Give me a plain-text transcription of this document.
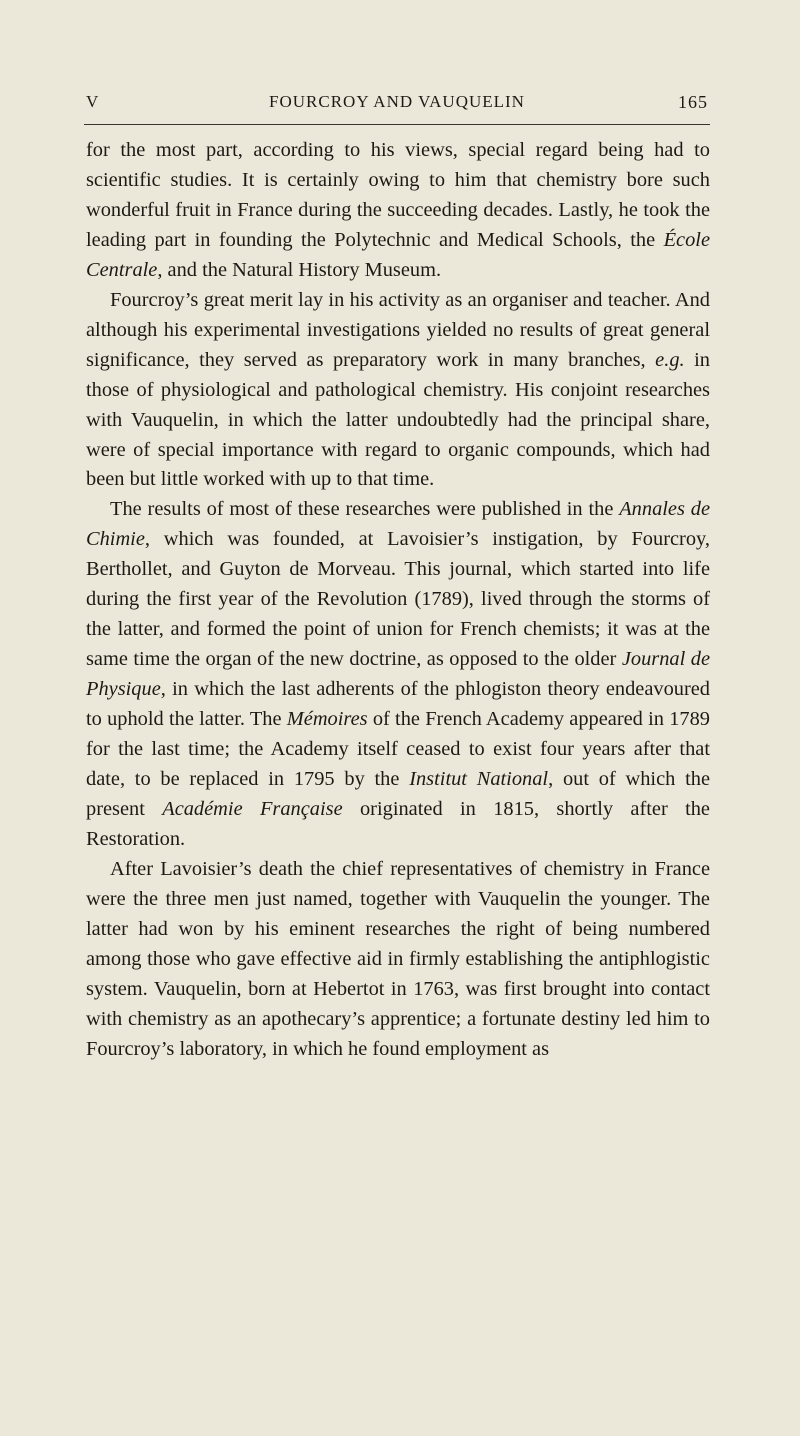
V	FOURCROY AND VAUQUELIN	165

for the most part, according to his views, special regard being had to scientific studies. It is certainly owing to him that chemistry bore such wonderful fruit in France during the succeeding decades. Lastly, he took the leading part in founding the Polytechnic and Medical Schools, the École Centrale, and the Natural History Museum.

Fourcroy’s great merit lay in his activity as an organiser and teacher. And although his experimental investigations yielded no results of great general significance, they served as preparatory work in many branches, e.g. in those of physiological and pathological chemistry. His conjoint researches with Vauquelin, in which the latter undoubtedly had the principal share, were of special importance with regard to organic compounds, which had been but little worked with up to that time.

The results of most of these researches were published in the Annales de Chimie, which was founded, at Lavoisier’s instigation, by Fourcroy, Berthollet, and Guyton de Morveau. This journal, which started into life during the first year of the Revolution (1789), lived through the storms of the latter, and formed the point of union for French chemists; it was at the same time the organ of the new doctrine, as opposed to the older Journal de Physique, in which the last adherents of the phlogiston theory endeavoured to uphold the latter. The Mémoires of the French Academy appeared in 1789 for the last time; the Academy itself ceased to exist four years after that date, to be replaced in 1795 by the Institut National, out of which the present Académie Française originated in 1815, shortly after the Restoration.

After Lavoisier’s death the chief representatives of chemistry in France were the three men just named, together with Vauquelin the younger. The latter had won by his eminent researches the right of being numbered among those who gave effective aid in firmly establishing the antiphlogistic system. Vauquelin, born at Hebertot in 1763, was first brought into contact with chemistry as an apothecary’s apprentice; a fortunate destiny led him to Fourcroy’s laboratory, in which he found employment as
